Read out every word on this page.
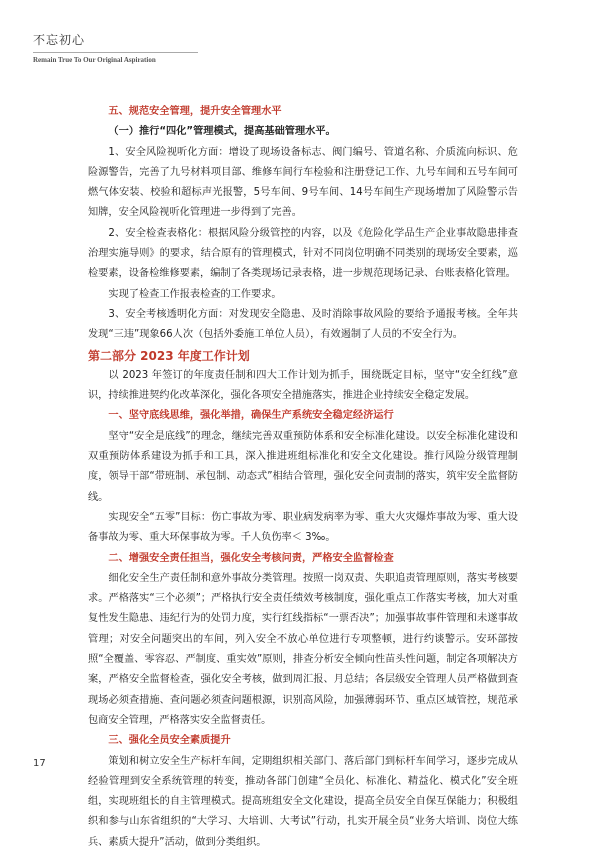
不忘初心
Remain True To Our Original Aspiration

五、规范安全管理，提升安全管理水平

（一）推行“四化”管理模式，提高基础管理水平。

1、安全风险视听化方面：增设了现场设备标志、阀门编号、管道名称、介质流向标识、危险源警告，完善了九号材料项目部、维修车间行车检验和注册登记工作、九号车间和五号车间可燃气体安装、校验和超标声光报警，5号车间、9号车间、14号车间生产现场增加了风险警示告知牌，安全风险视听化管理进一步得到了完善。

2、安全检查表格化：根据风险分级管控的内容，以及《危险化学品生产企业事故隐患排查治理实施导则》的要求，结合原有的管理模式，针对不同岗位明确不同类别的现场安全要素，巡检要素，设备检维修要素，编制了各类现场记录表格，进一步规范现场记录、台账表格化管理。

实现了检查工作报表检查的工作要求。

3、安全考核透明化方面：对发现安全隐患、及时消除事故风险的要给予通报考核。全年共发现“三违”现象66人次（包括外委施工单位人员），有效遏制了人员的不安全行为。

第二部分 2023 年度工作计划

以 2023 年签订的年度责任制和四大工作计划为抓手，围绕既定目标，坚守“安全红线”意识，持续推进契约化改革深化，强化各项安全措施落实，推进企业持续安全稳定发展。

一、坚守底线思维，强化举措，确保生产系统安全稳定经济运行

坚守“安全是底线”的理念，继续完善双重预防体系和安全标准化建设。以安全标准化建设和双重预防体系建设为抓手和工具，深入推进班组标准化和安全文化建设。推行风险分级管理制度，领导干部“带班制、承包制、动态式”相结合管理，强化安全问责制的落实，筑牢安全监督防线。

实现安全“五零”目标：伤亡事故为零、职业病发病率为零、重大火灾爆炸事故为零、重大设备事故为零、重大环保事故为零。千人负伤率＜ 3‰。

二、增强安全责任担当，强化安全考核问责，严格安全监督检查

细化安全生产责任制和意外事故分类管理。按照一岗双责、失职追责管理原则，落实考核要求。严格落实“三个必须”；严格执行安全责任绩效考核制度，强化重点工作落实考核，加大对重复性发生隐患、违纪行为的处罚力度，实行红线指标“一票否决”；加强事故事件管理和未遂事故管理；对安全问题突出的车间，列入安全不放心单位进行专项整顿，进行约谈警示。安环部按照“全覆盖、零容忍、严制度、重实效”原则，排查分析安全倾向性苗头性问题，制定各项解决方案，严格安全监督检查，强化安全考核，做到周汇报、月总结；各层级安全管理人员严格做到查现场必须查措施、查问题必须查问题根源，识别高风险，加强薄弱环节、重点区域管控，规范承包商安全管理，严格落实安全监督责任。

三、强化全员安全素质提升

策划和树立安全生产标杆车间，定期组织相关部门、落后部门到标杆车间学习，逐步完成从经验管理到安全系统管理的转变，推动各部门创建“全员化、标准化、精益化、模式化”安全班组，实现班组长的自主管理模式。提高班组安全文化建设，提高全员安全自保互保能力；积极组织和参与山东省组织的“大学习、大培训、大考试”行动，扎实开展全员“业务大培训、岗位大练兵、素质大提升”活动，做到分类组织。

17
